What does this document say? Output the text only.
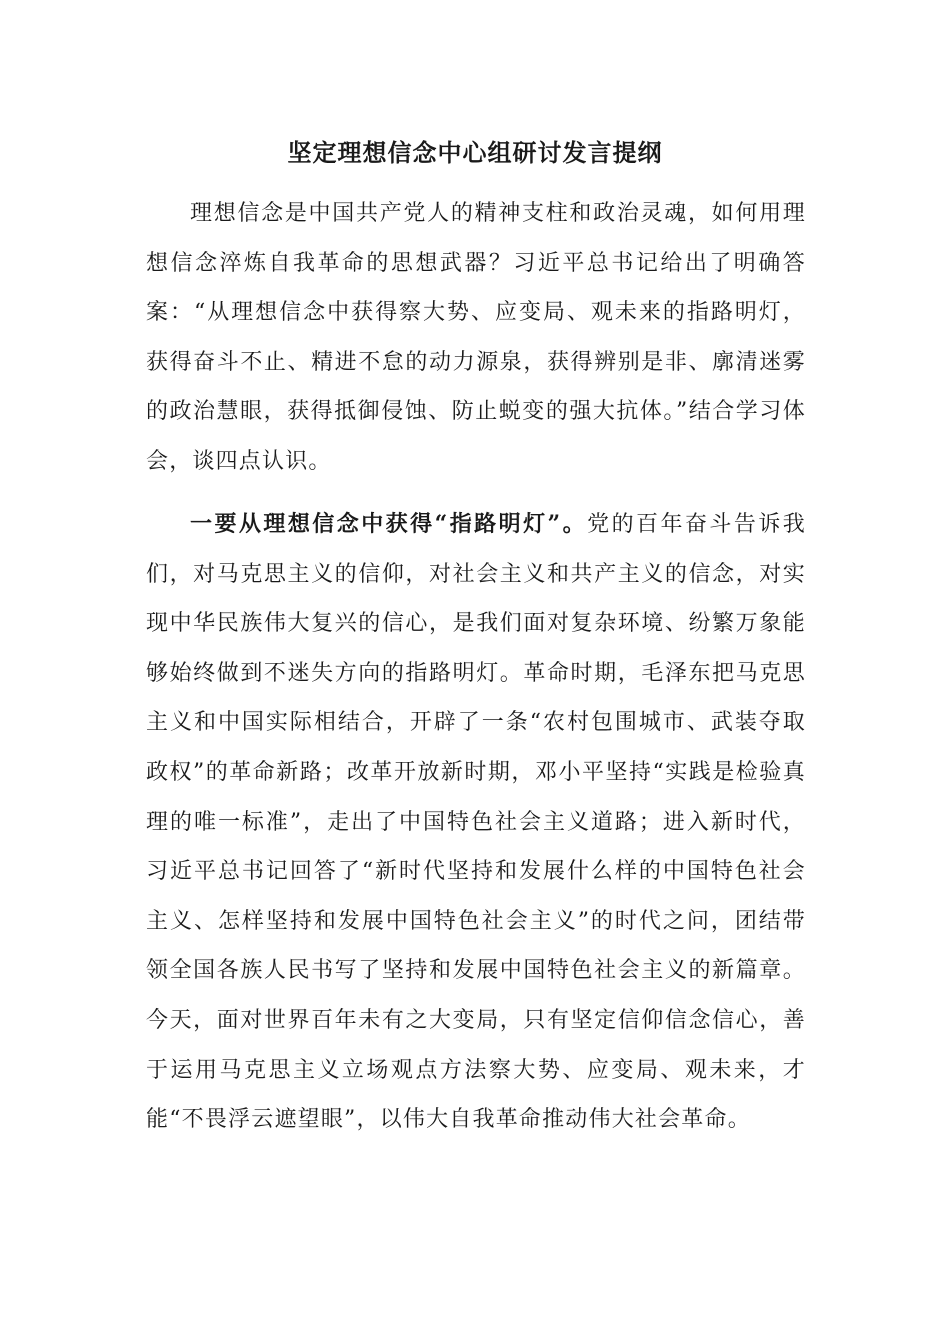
坚定理想信念中心组研讨发言提纲

理想信念是中国共产党人的精神支柱和政治灵魂，如何用理想信念淬炼自我革命的思想武器？习近平总书记给出了明确答案：“从理想信念中获得察大势、应变局、观未来的指路明灯，获得奋斗不止、精进不怠的动力源泉，获得辨别是非、廓清迷雾的政治慧眼，获得抵御侵蚀、防止蜕变的强大抗体。”结合学习体会，谈四点认识。

一要从理想信念中获得“指路明灯”。党的百年奋斗告诉我们，对马克思主义的信仰，对社会主义和共产主义的信念，对实现中华民族伟大复兴的信心，是我们面对复杂环境、纷繁万象能够始终做到不迷失方向的指路明灯。革命时期，毛泽东把马克思主义和中国实际相结合，开辟了一条“农村包围城市、武装夺取政权”的革命新路；改革开放新时期，邓小平坚持“实践是检验真理的唯一标准”，走出了中国特色社会主义道路；进入新时代，习近平总书记回答了“新时代坚持和发展什么样的中国特色社会主义、怎样坚持和发展中国特色社会主义”的时代之问，团结带领全国各族人民书写了坚持和发展中国特色社会主义的新篇章。今天，面对世界百年未有之大变局，只有坚定信仰信念信心，善于运用马克思主义立场观点方法察大势、应变局、观未来，才能“不畏浮云遮望眼”，以伟大自我革命推动伟大社会革命。
